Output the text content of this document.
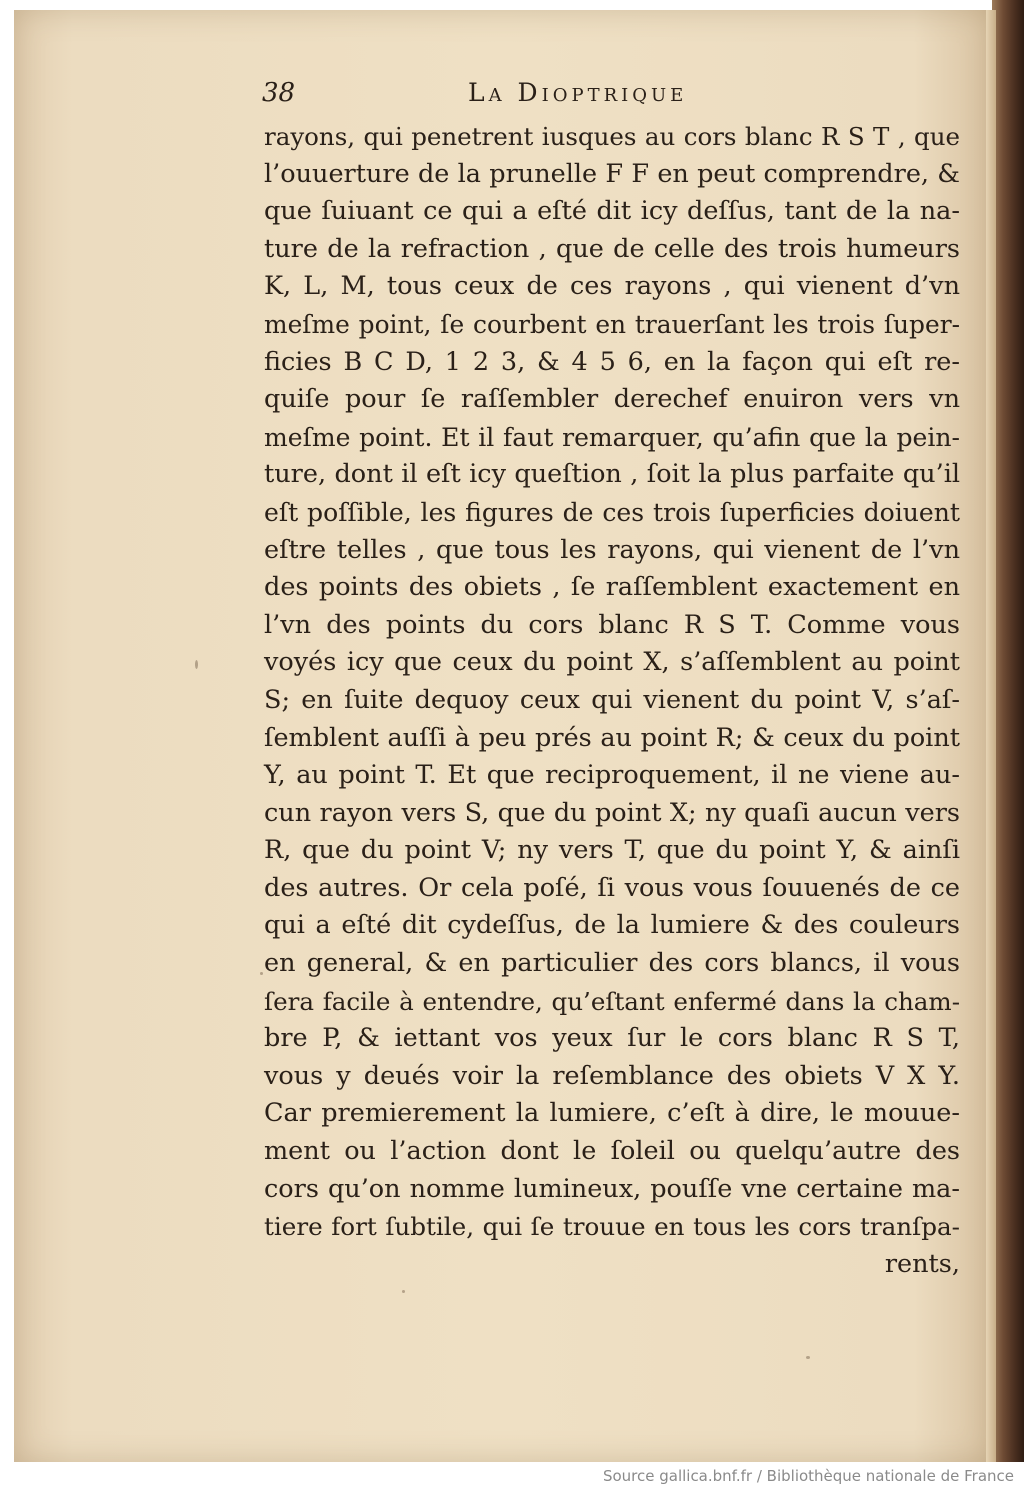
38	La Dioptrique
rayons, qui penetrent iusques au cors blanc R S T , que
l’ouuerture de la prunelle F F en peut comprendre, &
que ſuiuant ce qui a eſté dit icy deſſus, tant de la na-
ture de la refraction , que de celle des trois humeurs
K, L, M, tous ceux de ces rayons , qui vienent d’vn
meſme point, ſe courbent en trauerſant les trois ſuper-
ficies B C D, 1 2 3, & 4 5 6, en la façon qui eſt re-
quiſe pour ſe raſſembler derechef enuiron vers vn
meſme point. Et il faut remarquer, qu’afin que la pein-
ture, dont il eſt icy queſtion , ſoit la plus parfaite qu’il
eſt poſſible, les figures de ces trois ſuperficies doiuent
eſtre telles , que tous les rayons, qui vienent de l’vn
des points des obiets , ſe raſſemblent exactement en
l’vn des points du cors blanc R S T. Comme vous
voyés icy que ceux du point X, s’aſſemblent au point
S; en ſuite dequoy ceux qui vienent du point V, s’aſ-
ſemblent auſſi à peu prés au point R; & ceux du point
Y, au point T. Et que reciproquement, il ne viene au-
cun rayon vers S, que du point X; ny quaſi aucun vers
R, que du point V; ny vers T, que du point Y, & ainſi
des autres. Or cela poſé, ſi vous vous ſouuenés de ce
qui a eſté dit cydeſſus, de la lumiere & des couleurs
en general, & en particulier des cors blancs, il vous
ſera facile à entendre, qu’eſtant enfermé dans la cham-
bre P, & iettant vos yeux ſur le cors blanc R S T,
vous y deués voir la reſemblance des obiets V X Y.
Car premierement la lumiere, c’eſt à dire, le mouue-
ment ou l’action dont le ſoleil ou quelqu’autre des
cors qu’on nomme lumineux, pouſſe vne certaine ma-
tiere fort ſubtile, qui ſe trouue en tous les cors tranſpa-
rents,
Source gallica.bnf.fr / Bibliothèque nationale de France
